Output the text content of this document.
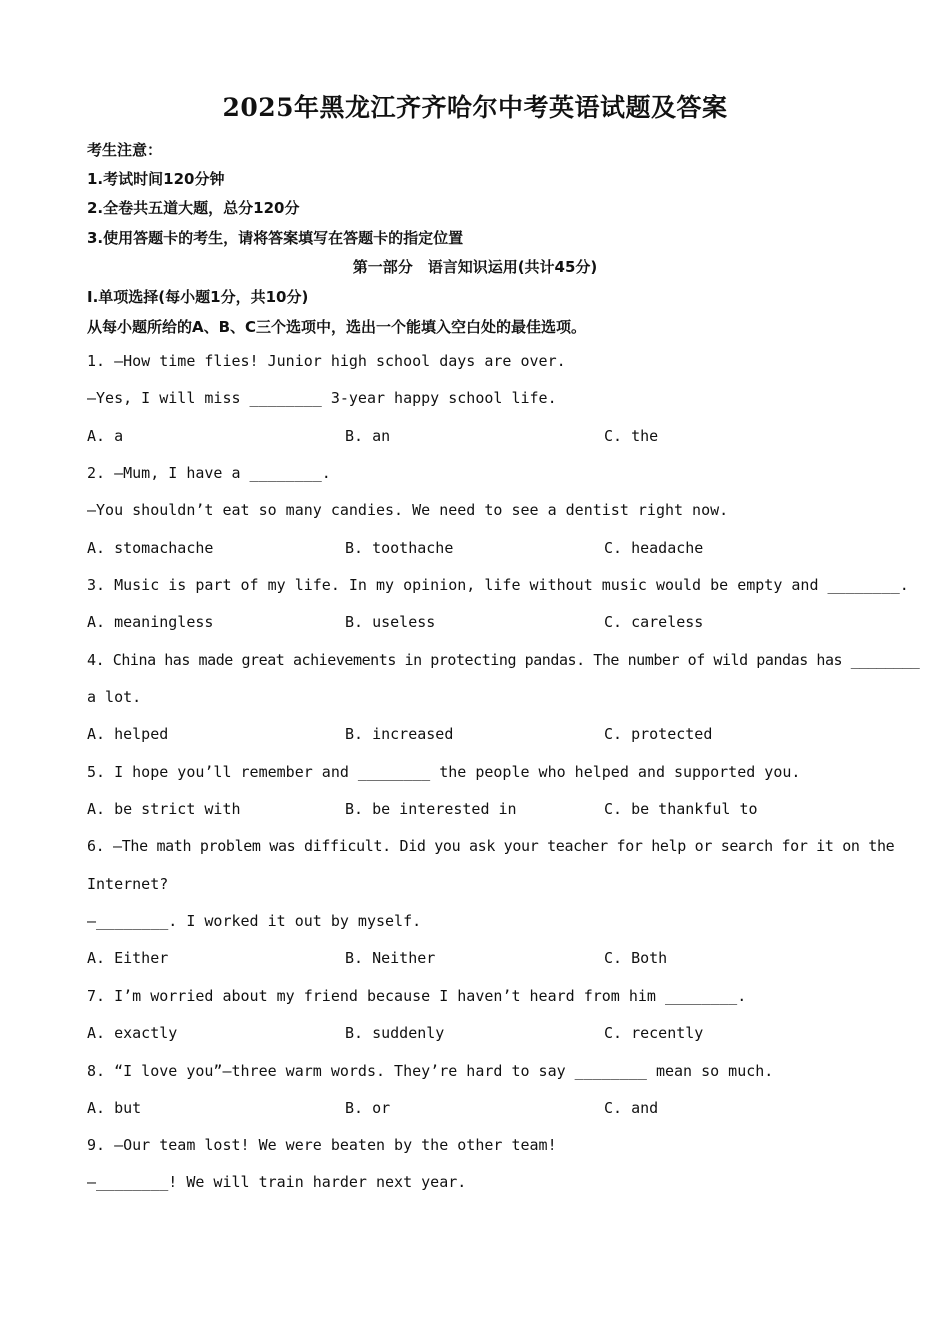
2025年黑龙江齐齐哈尔中考英语试题及答案
考生注意：
1.考试时间120分钟
2.全卷共五道大题，总分120分
3.使用答题卡的考生，请将答案填写在答题卡的指定位置
第一部分　语言知识运用(共计45分)
I.单项选择(每小题1分，共10分)
从每小题所给的A、B、C三个选项中，选出一个能填入空白处的最佳选项。
1. —How time flies! Junior high school days are over.
—Yes, I will miss ________ 3-year happy school life.
A. a	B. an	C. the
2. —Mum, I have a ________.
—You shouldn’t eat so many candies. We need to see a dentist right now.
A. stomachache	B. toothache	C. headache
3. Music is part of my life. In my opinion, life without music would be empty and ________.
A. meaningless	B. useless	C. careless
4. China has made great achievements in protecting pandas. The number of wild pandas has ________
a lot.
A. helped	B. increased	C. protected
5. I hope you’ll remember and ________ the people who helped and supported you.
A. be strict with	B. be interested in	C. be thankful to
6. —The math problem was difficult. Did you ask your teacher for help or search for it on the
Internet?
—________. I worked it out by myself.
A. Either	B. Neither	C. Both
7. I’m worried about my friend because I haven’t heard from him ________.
A. exactly	B. suddenly	C. recently
8. “I love you”—three warm words. They’re hard to say ________ mean so much.
A. but	B. or	C. and
9. —Our team lost! We were beaten by the other team!
—________! We will train harder next year.
